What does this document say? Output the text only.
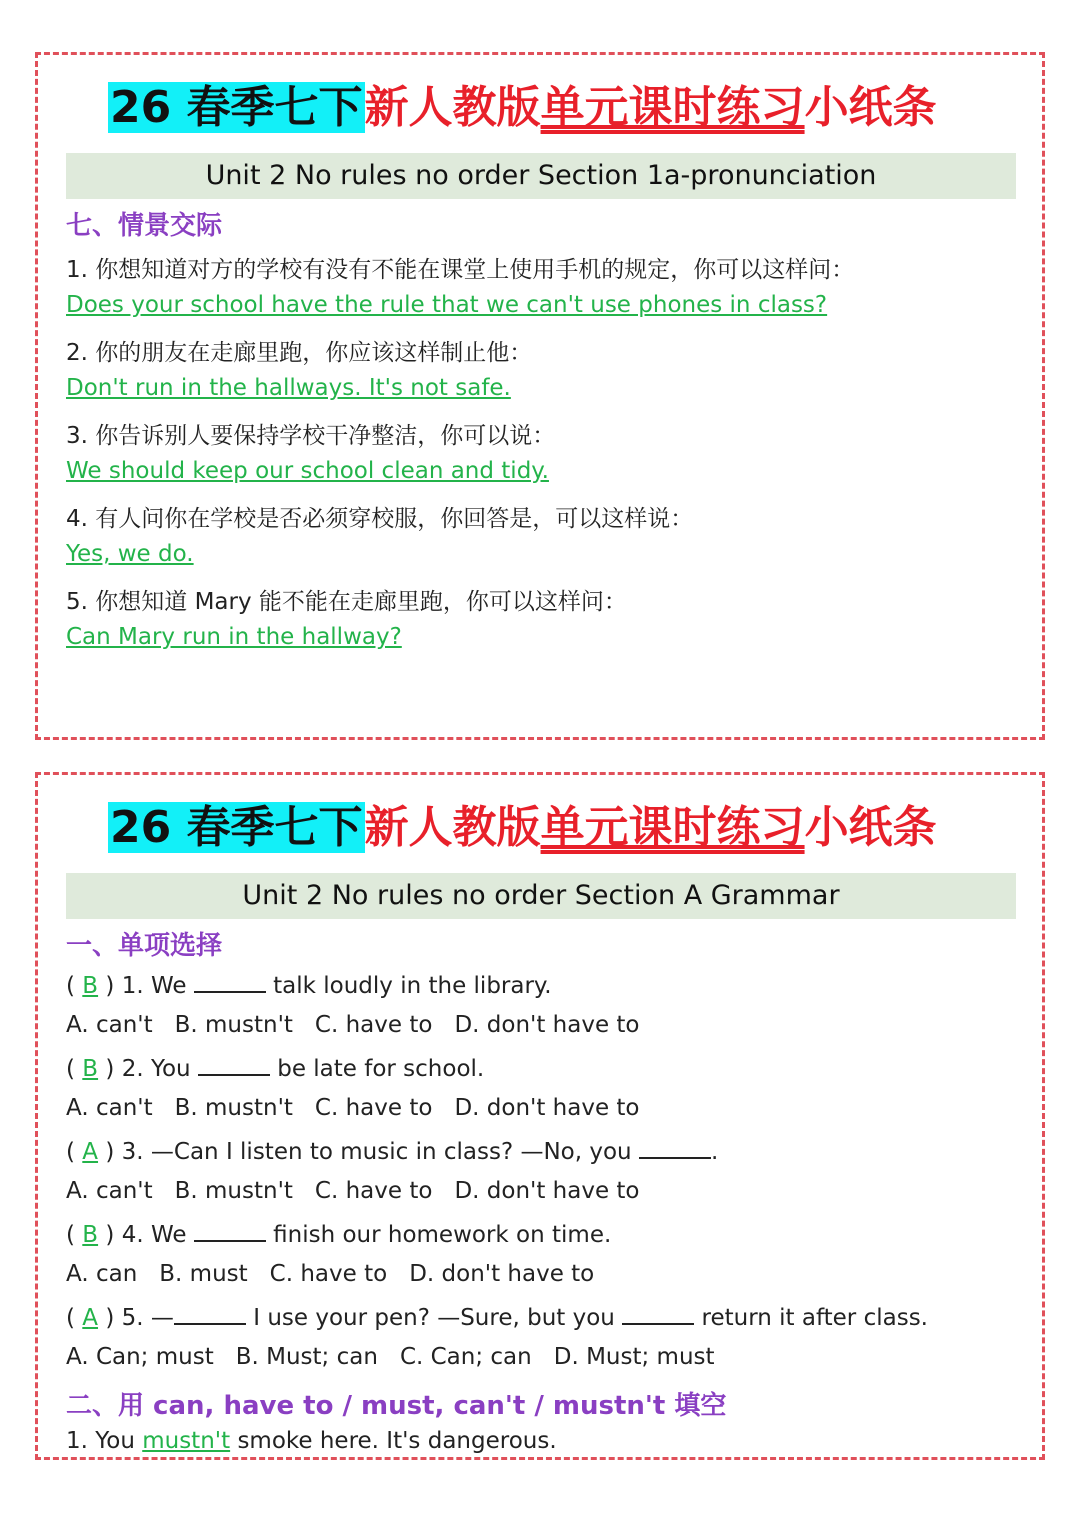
26 春季七下新人教版单元课时练习小纸条
Unit 2 No rules no order Section 1a-pronunciation
七、情景交际
1. 你想知道对方的学校有没有不能在课堂上使用手机的规定，你可以这样问：
Does your school have the rule that we can't use phones in class?
2. 你的朋友在走廊里跑，你应该这样制止他：
Don't run in the hallways. It's not safe.
3. 你告诉别人要保持学校干净整洁，你可以说：
We should keep our school clean and tidy.
4. 有人问你在学校是否必须穿校服，你回答是，可以这样说：
Yes, we do.
5. 你想知道 Mary 能不能在走廊里跑，你可以这样问：
Can Mary run in the hallway?
26 春季七下新人教版单元课时练习小纸条
Unit 2 No rules no order Section A Grammar
一、单项选择
( B ) 1. We	talk loudly in the library.
A. can't B. mustn't C. have to D. don't have to
( B ) 2. You	be late for school.
A. can't B. mustn't C. have to D. don't have to
( A ) 3. —Can I listen to music in class? —No, you	.
A. can't B. mustn't C. have to D. don't have to
( B ) 4. We	finish our homework on time.
A. can B. must C. have to D. don't have to
( A ) 5. —	I use your pen? —Sure, but you	return it after class.
A. Can; must B. Must; can C. Can; can D. Must; must
二、用 can, have to / must, can't / mustn't 填空
1. You mustn't smoke here. It's dangerous.
